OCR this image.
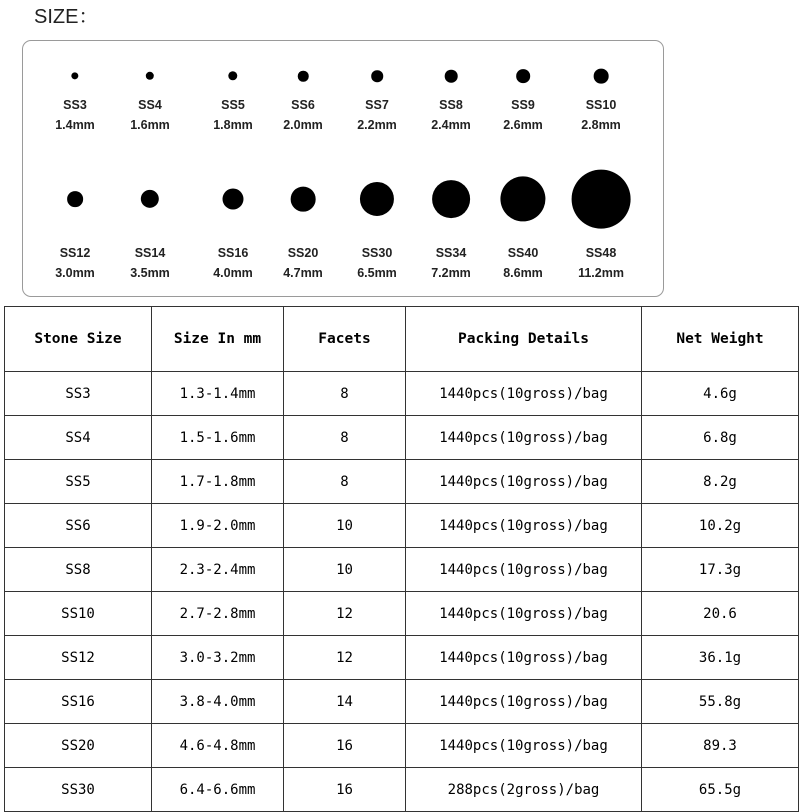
SIZE：
SS3
1.4mm
SS4
1.6mm
SS5
1.8mm
SS6
2.0mm
SS7
2.2mm
SS8
2.4mm
SS9
2.6mm
SS10
2.8mm
SS12
3.0mm
SS14
3.5mm
SS16
4.0mm
SS20
4.7mm
SS30
6.5mm
SS34
7.2mm
SS40
8.6mm
SS48
11.2mm
Stone Size	Size In mm	Facets	Packing Details	Net Weight
SS3	1.3-1.4mm	8	1440pcs(10gross)/bag	4.6g
SS4	1.5-1.6mm	8	1440pcs(10gross)/bag	6.8g
SS5	1.7-1.8mm	8	1440pcs(10gross)/bag	8.2g
SS6	1.9-2.0mm	10	1440pcs(10gross)/bag	10.2g
SS8	2.3-2.4mm	10	1440pcs(10gross)/bag	17.3g
SS10	2.7-2.8mm	12	1440pcs(10gross)/bag	20.6
SS12	3.0-3.2mm	12	1440pcs(10gross)/bag	36.1g
SS16	3.8-4.0mm	14	1440pcs(10gross)/bag	55.8g
SS20	4.6-4.8mm	16	1440pcs(10gross)/bag	89.3
SS30	6.4-6.6mm	16	288pcs(2gross)/bag	65.5g
